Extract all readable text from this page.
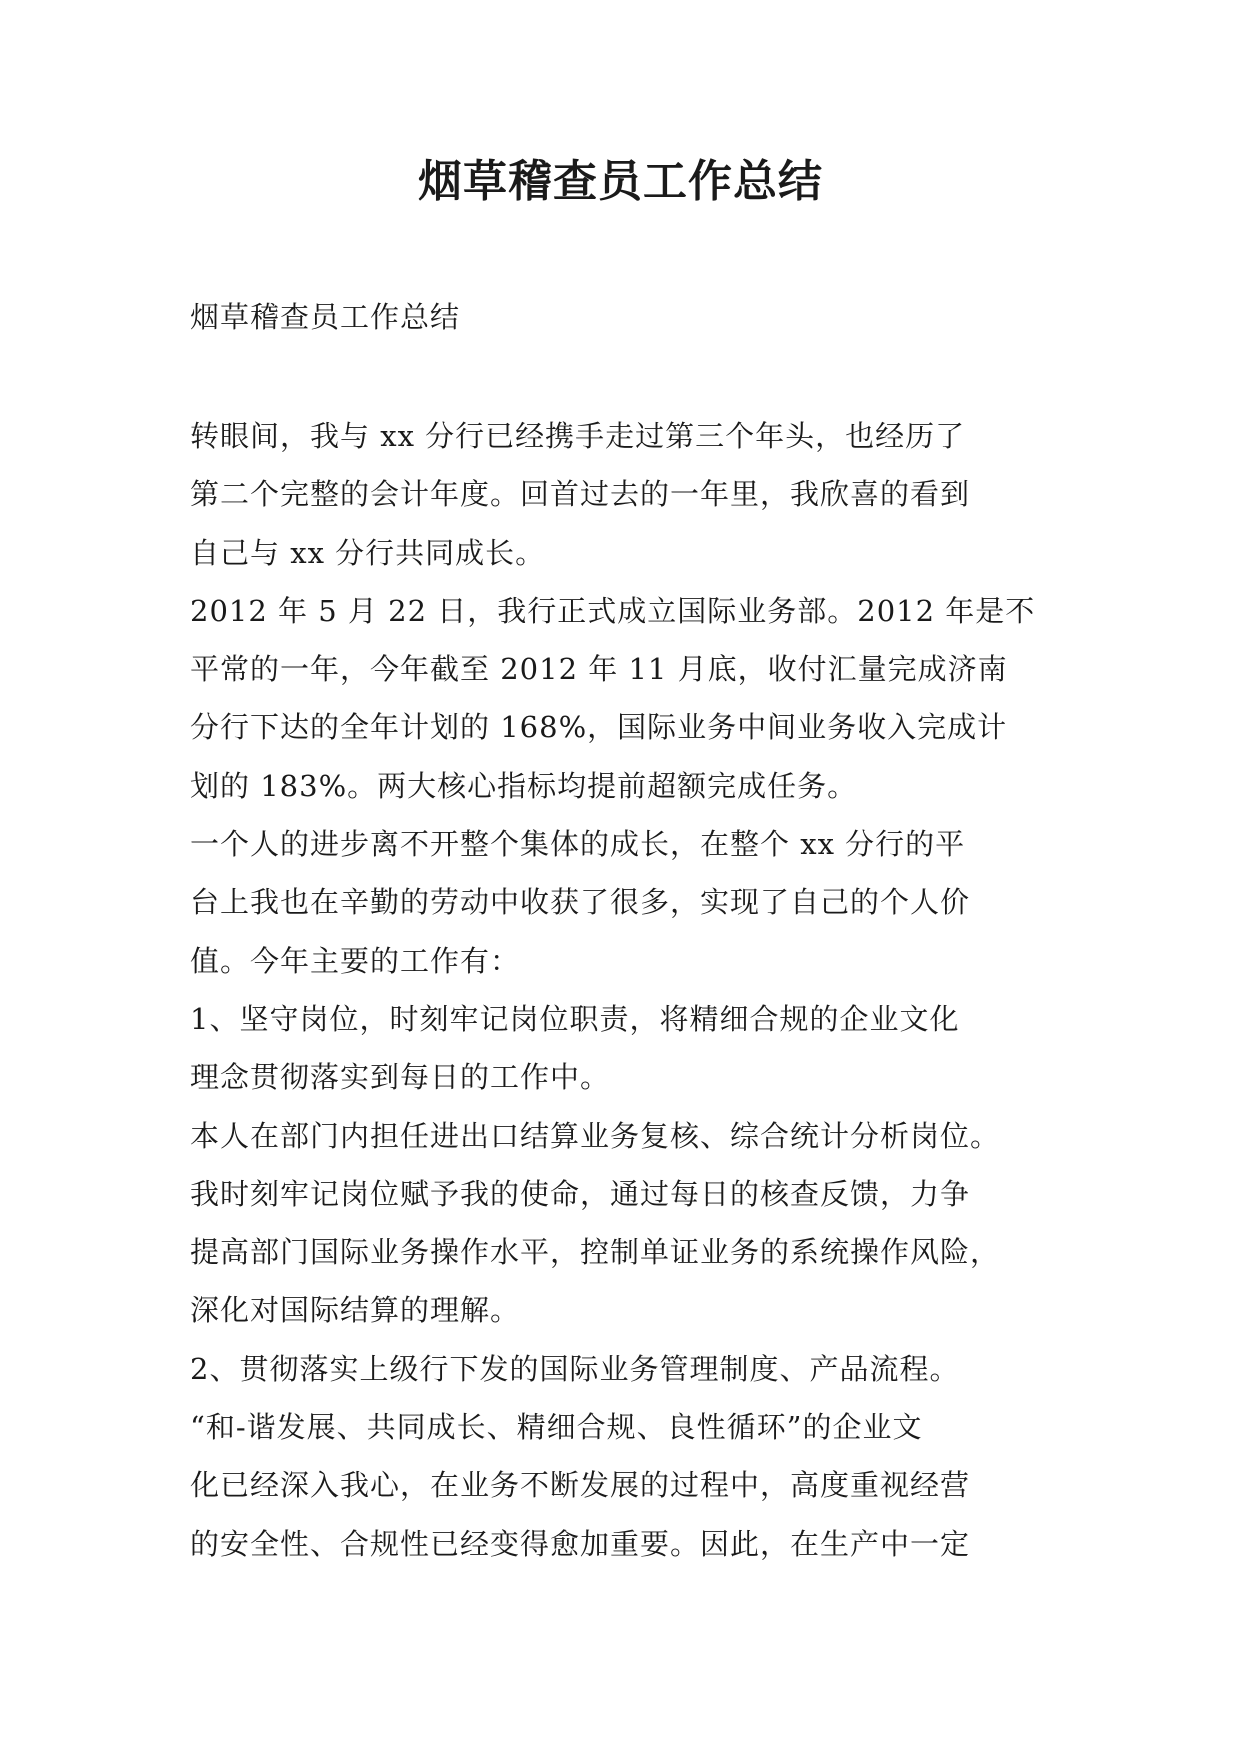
烟草稽查员工作总结

烟草稽查员工作总结

转眼间，我与 xx 分行已经携手走过第三个年头，也经历了
第二个完整的会计年度。回首过去的一年里，我欣喜的看到
自己与 xx 分行共同成长。
2012 年 5 月 22 日，我行正式成立国际业务部。2012 年是不
平常的一年，今年截至 2012 年 11 月底，收付汇量完成济南
分行下达的全年计划的 168%，国际业务中间业务收入完成计
划的 183%。两大核心指标均提前超额完成任务。
一个人的进步离不开整个集体的成长，在整个 xx 分行的平
台上我也在辛勤的劳动中收获了很多，实现了自己的个人价
值。今年主要的工作有：
1、坚守岗位，时刻牢记岗位职责，将精细合规的企业文化
理念贯彻落实到每日的工作中。
本人在部门内担任进出口结算业务复核、综合统计分析岗位。
我时刻牢记岗位赋予我的使命，通过每日的核查反馈，力争
提高部门国际业务操作水平，控制单证业务的系统操作风险，
深化对国际结算的理解。
2、贯彻落实上级行下发的国际业务管理制度、产品流程。
“和-谐发展、共同成长、精细合规、良性循环”的企业文
化已经深入我心，在业务不断发展的过程中，高度重视经营
的安全性、合规性已经变得愈加重要。因此，在生产中一定
